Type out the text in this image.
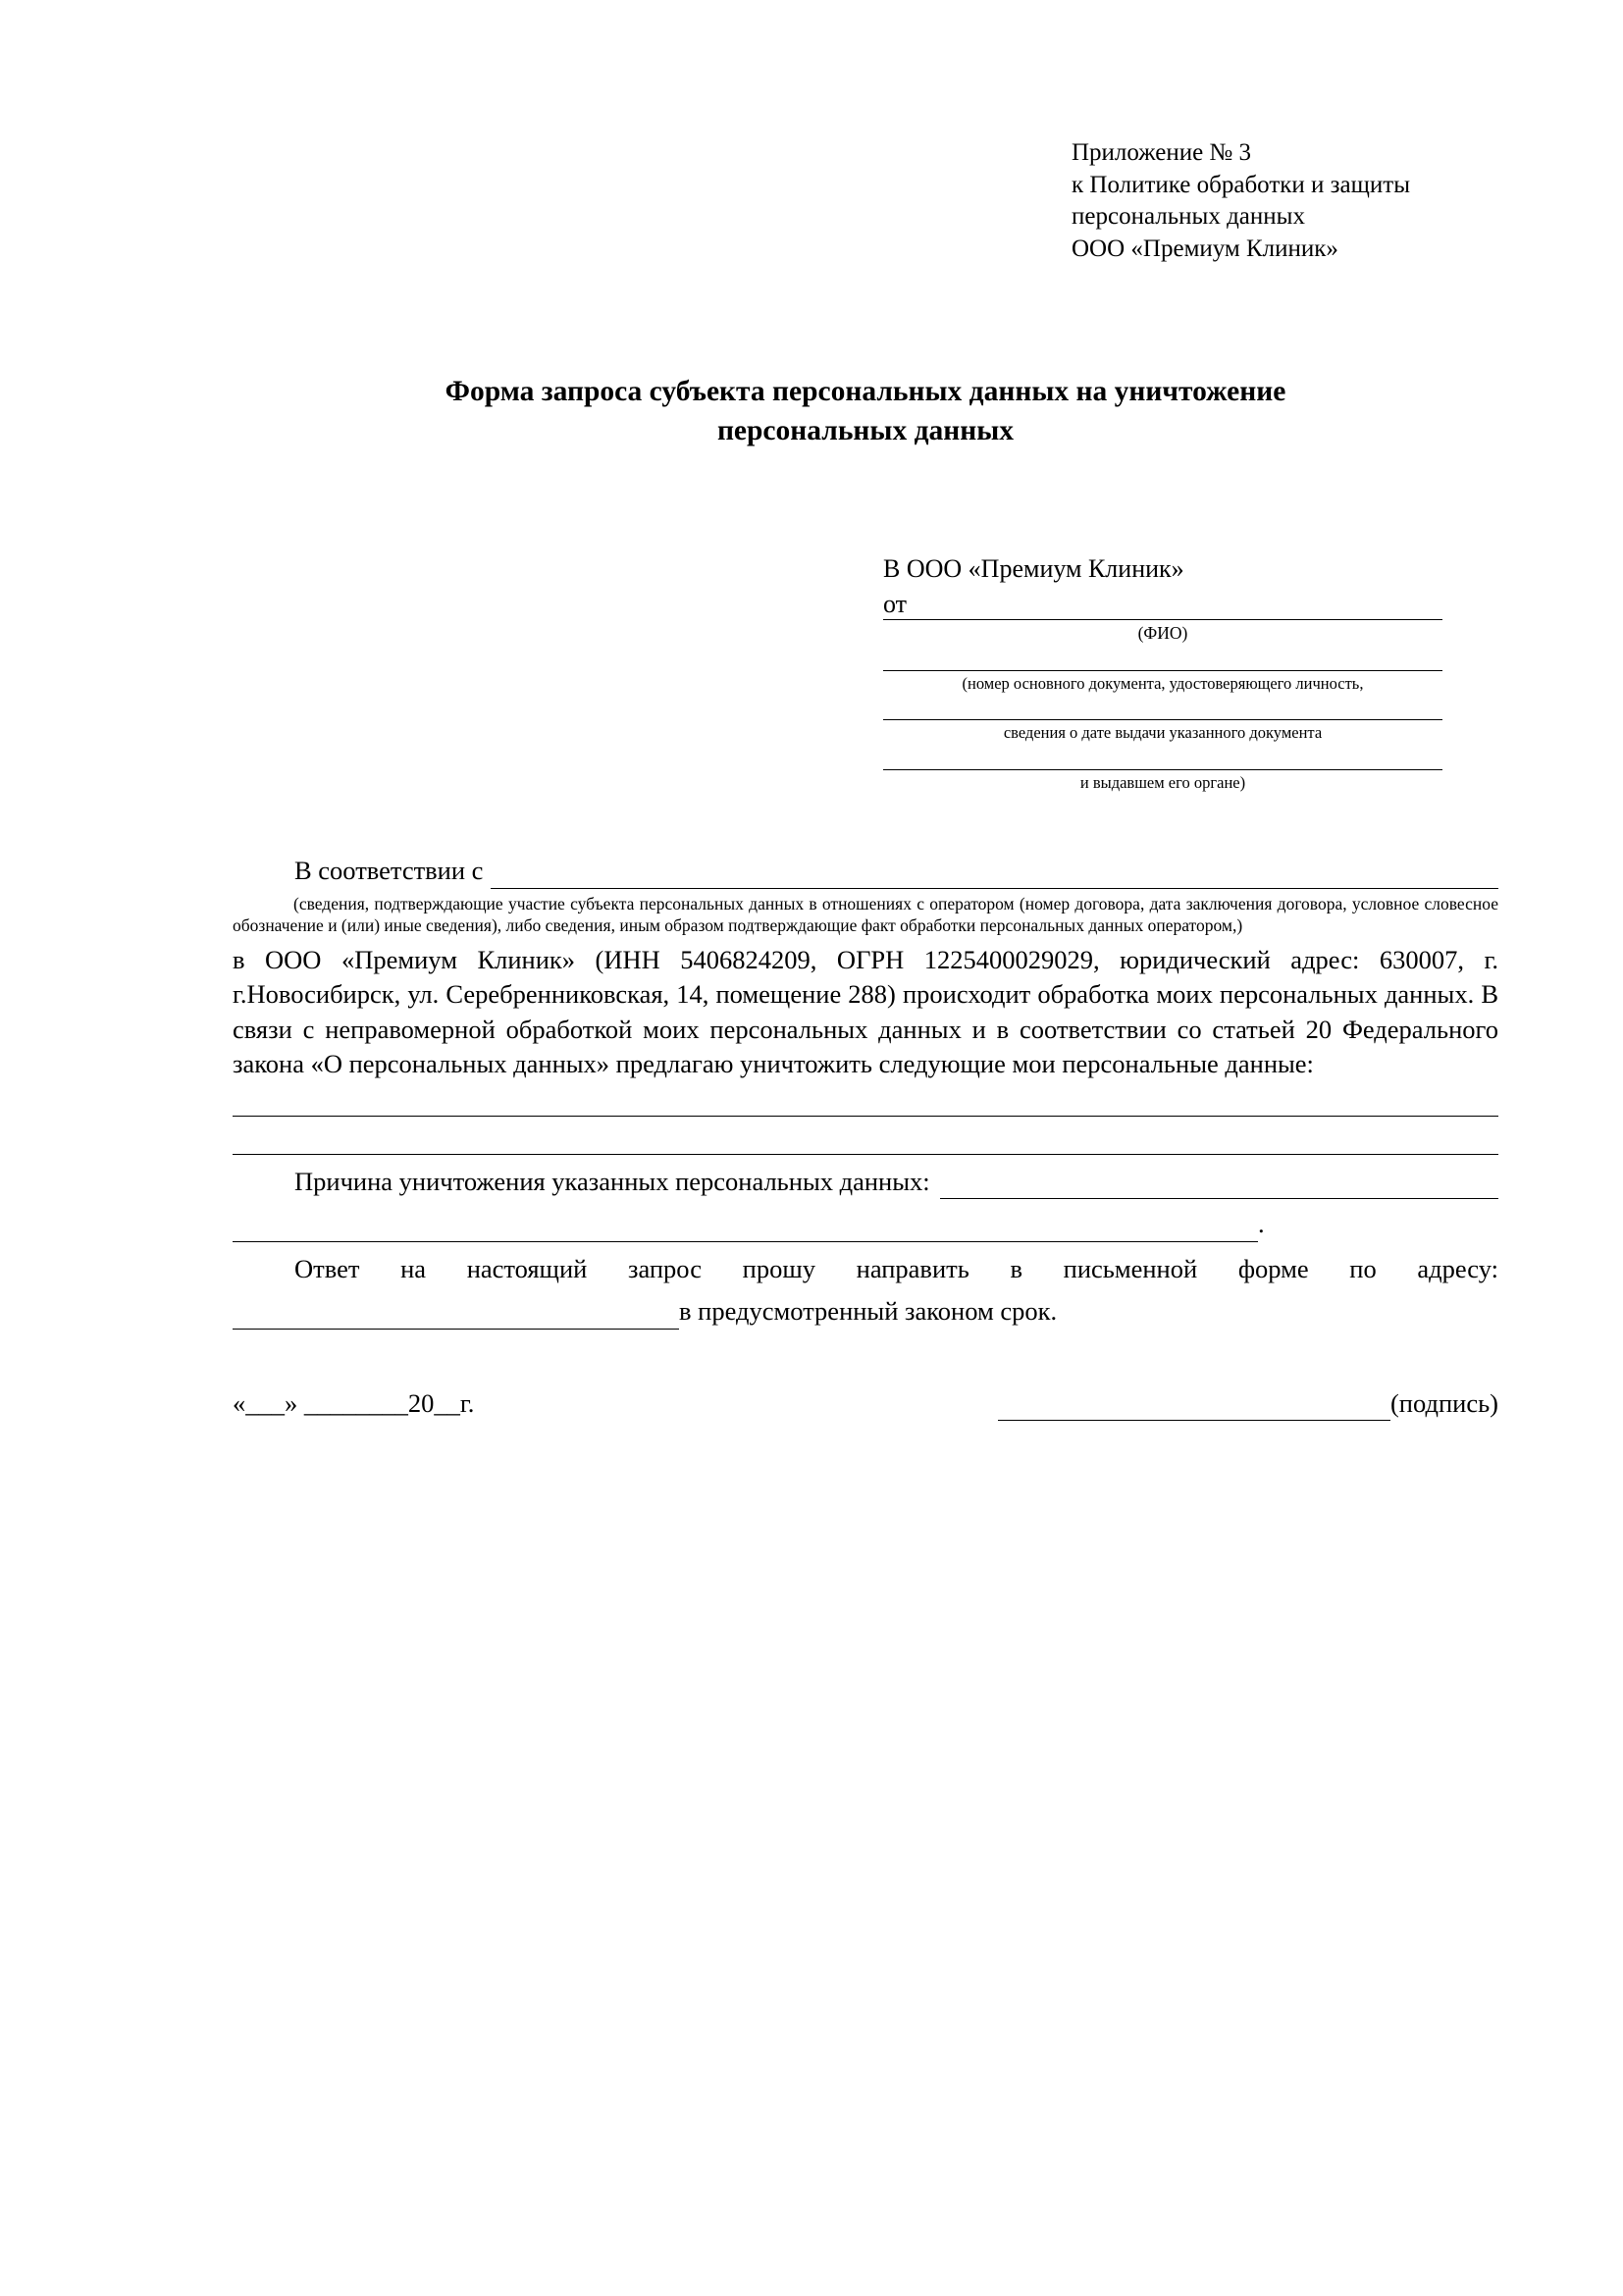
Приложение № 3
к Политике обработки и защиты
персональных данных
ООО «Премиум Клиник»
Форма запроса субъекта персональных данных на уничтожение
персональных данных
В ООО «Премиум Клиник»
от
(ФИО)
(номер основного документа, удостоверяющего личность,
сведения о дате выдачи указанного документа
и выдавшем его органе)
В соответствии с
(сведения, подтверждающие участие субъекта персональных данных в отношениях с оператором (номер договора, дата заключения договора, условное словесное обозначение и (или) иные сведения), либо сведения, иным образом подтверждающие факт обработки персональных данных оператором,)
в ООО «Премиум Клиник» (ИНН 5406824209, ОГРН 1225400029029, юридический адрес: 630007, г. г.Новосибирск, ул. Серебренниковская, 14, помещение 288) происходит обработка моих персональных данных. В связи с неправомерной обработкой моих персональных данных и в соответствии со статьей 20 Федерального закона «О персональных данных» предлагаю уничтожить следующие мои персональные данные:
Причина уничтожения указанных персональных данных:
.
Ответ на настоящий запрос прошу направить в письменной форме по адресу:
в предусмотренный законом срок.
«___» ________20__г.	(подпись)
